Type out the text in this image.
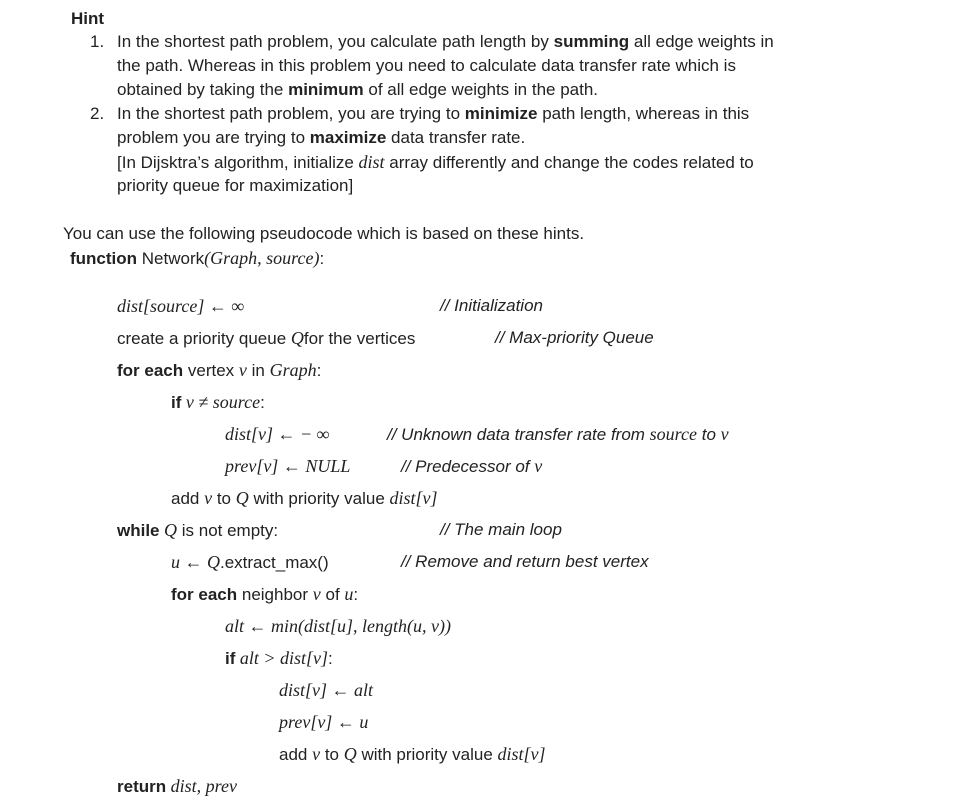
Hint
1. In the shortest path problem, you calculate path length by summing all edge weights in
the path. Whereas in this problem you need to calculate data transfer rate which is
obtained by taking the minimum of all edge weights in the path.
2. In the shortest path problem, you are trying to minimize path length, whereas in this
problem you are trying to maximize data transfer rate.
[In Dijsktra’s algorithm, initialize dist array differently and change the codes related to
priority queue for maximization]
You can use the following pseudocode which is based on these hints.
function Network(Graph, source):
dist[source] ← ∞	// Initialization
create a priority queue Qfor the vertices	// Max-priority Queue
for each vertex v in Graph:
if v ≠ source:
dist[v] ← − ∞	// Unknown data transfer rate from source to v
prev[v] ← NULL	// Predecessor of v
add v to Q with priority value dist[v]
while Q is not empty:	// The main loop
u ← Q.extract_max()	// Remove and return best vertex
for each neighbor v of u:
alt ← min(dist[u], length(u, v))
if alt > dist[v]:
dist[v] ← alt
prev[v] ← u
add v to Q with priority value dist[v]
return dist, prev
